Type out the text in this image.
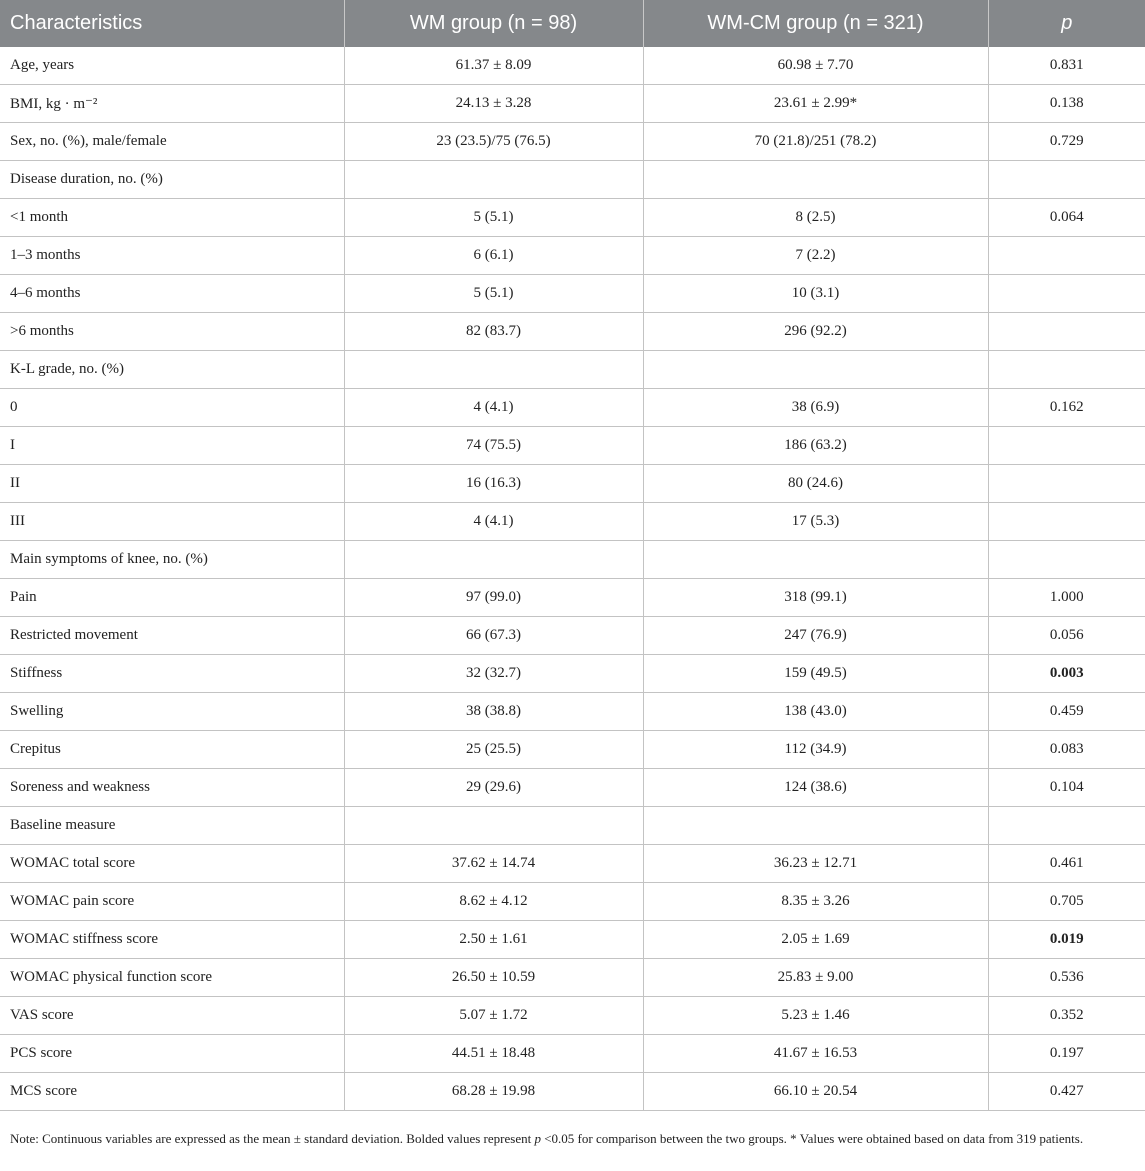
Characteristics	WM group (n = 98)	WM-CM group (n = 321)	p
Age, years	61.37 ± 8.09	60.98 ± 7.70	0.831
BMI, kg · m⁻²	24.13 ± 3.28	23.61 ± 2.99*	0.138
Sex, no. (%), male/female	23 (23.5)/75 (76.5)	70 (21.8)/251 (78.2)	0.729
Disease duration, no. (%)			
<1 month	5 (5.1)	8 (2.5)	0.064
1–3 months	6 (6.1)	7 (2.2)	
4–6 months	5 (5.1)	10 (3.1)	
>6 months	82 (83.7)	296 (92.2)	
K-L grade, no. (%)			
0	4 (4.1)	38 (6.9)	0.162
I	74 (75.5)	186 (63.2)	
II	16 (16.3)	80 (24.6)	
III	4 (4.1)	17 (5.3)	
Main symptoms of knee, no. (%)			
Pain	97 (99.0)	318 (99.1)	1.000
Restricted movement	66 (67.3)	247 (76.9)	0.056
Stiffness	32 (32.7)	159 (49.5)	0.003
Swelling	38 (38.8)	138 (43.0)	0.459
Crepitus	25 (25.5)	112 (34.9)	0.083
Soreness and weakness	29 (29.6)	124 (38.6)	0.104
Baseline measure			
WOMAC total score	37.62 ± 14.74	36.23 ± 12.71	0.461
WOMAC pain score	8.62 ± 4.12	8.35 ± 3.26	0.705
WOMAC stiffness score	2.50 ± 1.61	2.05 ± 1.69	0.019
WOMAC physical function score	26.50 ± 10.59	25.83 ± 9.00	0.536
VAS score	5.07 ± 1.72	5.23 ± 1.46	0.352
PCS score	44.51 ± 18.48	41.67 ± 16.53	0.197
MCS score	68.28 ± 19.98	66.10 ± 20.54	0.427
Note: Continuous variables are expressed as the mean ± standard deviation. Bolded values represent p <0.05 for comparison between the two groups. * Values were obtained based on data from 319 patients.
